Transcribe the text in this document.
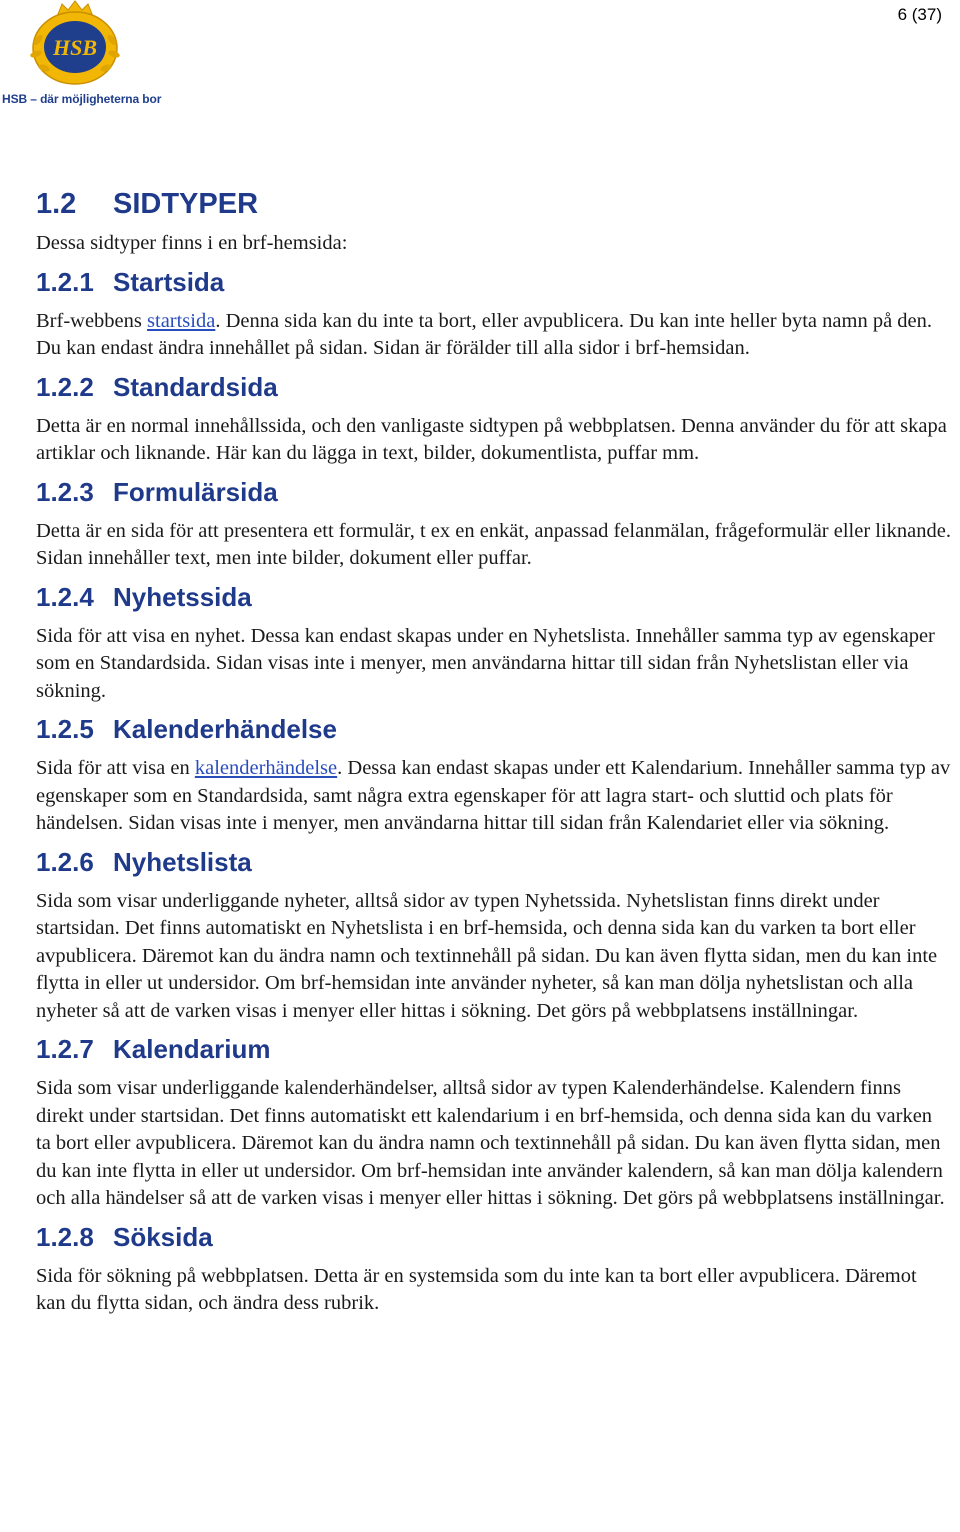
6 (37)
HSB
HSB – där möjligheterna bor
1.2 SIDTYPER

Dessa sidtyper finns i en brf-hemsida:

1.2.1 Startsida

Brf-webbens startsida. Denna sida kan du inte ta bort, eller avpublicera. Du kan inte heller byta namn på den. Du kan endast ändra innehållet på sidan. Sidan är förälder till alla sidor i brf-hemsidan.

1.2.2 Standardsida

Detta är en normal innehållssida, och den vanligaste sidtypen på webbplatsen. Denna använder du för att skapa artiklar och liknande. Här kan du lägga in text, bilder, dokumentlista, puffar mm.

1.2.3 Formulärsida

Detta är en sida för att presentera ett formulär, t ex en enkät, anpassad felanmälan, frågeformulär eller liknande. Sidan innehåller text, men inte bilder, dokument eller puffar.

1.2.4 Nyhetssida

Sida för att visa en nyhet. Dessa kan endast skapas under en Nyhetslista. Innehåller samma typ av egenskaper som en Standardsida. Sidan visas inte i menyer, men användarna hittar till sidan från Nyhetslistan eller via sökning.

1.2.5 Kalenderhändelse

Sida för att visa en kalenderhändelse. Dessa kan endast skapas under ett Kalendarium. Innehåller samma typ av egenskaper som en Standardsida, samt några extra egenskaper för att lagra start- och sluttid och plats för händelsen. Sidan visas inte i menyer, men användarna hittar till sidan från Kalendariet eller via sökning.

1.2.6 Nyhetslista

Sida som visar underliggande nyheter, alltså sidor av typen Nyhetssida. Nyhetslistan finns direkt under startsidan. Det finns automatiskt en Nyhetslista i en brf-hemsida, och denna sida kan du varken ta bort eller avpublicera. Däremot kan du ändra namn och textinnehåll på sidan. Du kan även flytta sidan, men du kan inte flytta in eller ut undersidor. Om brf-hemsidan inte använder nyheter, så kan man dölja nyhetslistan och alla nyheter så att de varken visas i menyer eller hittas i sökning. Det görs på webbplatsens inställningar.

1.2.7 Kalendarium

Sida som visar underliggande kalenderhändelser, alltså sidor av typen Kalenderhändelse. Kalendern finns direkt under startsidan. Det finns automatiskt ett kalendarium i en brf-hemsida, och denna sida kan du varken ta bort eller avpublicera. Däremot kan du ändra namn och textinnehåll på sidan. Du kan även flytta sidan, men du kan inte flytta in eller ut undersidor. Om brf-hemsidan inte använder kalendern, så kan man dölja kalendern och alla händelser så att de varken visas i menyer eller hittas i sökning. Det görs på webbplatsens inställningar.

1.2.8 Söksida

Sida för sökning på webbplatsen. Detta är en systemsida som du inte kan ta bort eller avpublicera. Däremot kan du flytta sidan, och ändra dess rubrik.
